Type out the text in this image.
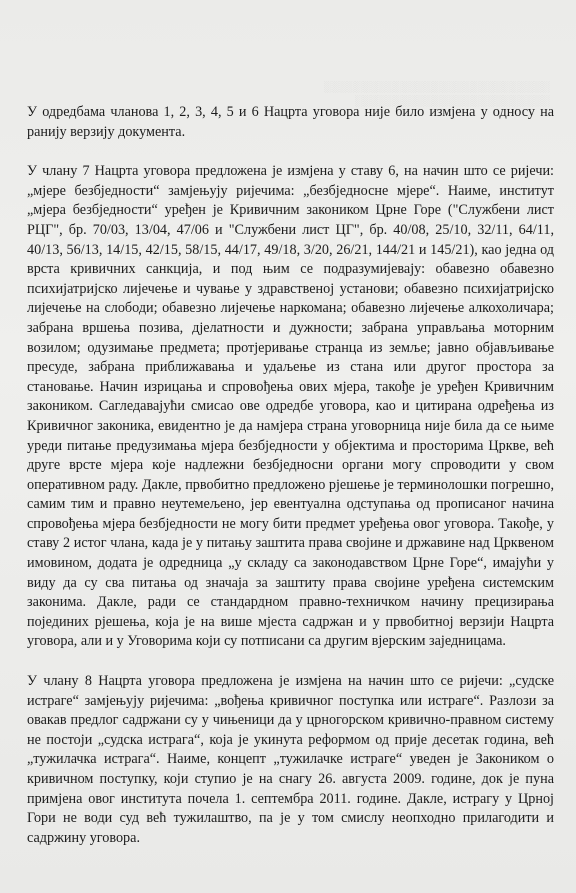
░░░░░░░░░░░░░░░░░░░░░░░░░░░░░
░░░░░░░░░░░░░░░░░░░░░░░░░

У одредбама чланова 1, 2, 3, 4, 5 и 6 Нацрта уговора није било измјена у односу на ранију верзију документа.

У члану 7 Нацрта уговора предложена је измјена у ставу 6, на начин што се ријечи: „мјере безбједности“ замјењују ријечима: „безбједносне мјере“. Наиме, институт „мјера безбједности“ уређен је Кривичним закоником Црне Горе ("Службени лист РЦГ", бр. 70/03, 13/04, 47/06 и "Службени лист ЦГ", бр. 40/08, 25/10, 32/11, 64/11, 40/13, 56/13, 14/15, 42/15, 58/15, 44/17, 49/18, 3/20, 26/21, 144/21 и 145/21), као једна од врста кривичних санкција, и под њим се подразумијевају: обавезно обавезно психијатријско лијечење и чување у здравственој установи; обавезно психијатријско лијечење на слободи; обавезно лијечење наркомана; обавезно лијечење алкохоличара; забрана вршења позива, дјелатности и дужности; забрана управљања моторним возилом; одузимање предмета; протјеривање странца из земље; јавно објављивање пресуде, забрана приближавања и удаљење из стана или другог простора за становање. Начин изрицања и спровођења ових мјера, такође је уређен Кривичним закоником. Сагледавајући смисао ове одредбе уговора, као и цитирана одређења из Кривичног законика, евидентно је да намјера страна уговорница није била да се њиме уреди питање предузимања мјера безбједности у објектима и просторима Цркве, већ друге врсте мјера које надлежни безбједносни органи могу спроводити у свом оперативном раду. Дакле, првобитно предложено рјешење је терминолошки погрешно, самим тим и правно неутемељено, јер евентуална одступања од прописаног начина спровођења мјера безбједности не могу бити предмет уређења овог уговора. Такође, у ставу 2 истог члана, када је у питању заштита права својине и државине над Црквеном имовином, додата је одредница „у складу са законодавством Црне Горе“, имајући у виду да су сва питања од значаја за заштиту права својине уређена системским законима. Дакле, ради се стандардном правно-техничком начину прецизирања појединих рјешења, која је на више мјеста садржан и у првобитној верзији Нацрта уговора, али и у Уговорима који су потписани са другим вјерским заједницама.

У члану 8 Нацрта уговора предложена је измјена на начин што се ријечи: „судске истраге“ замјењују ријечима: „вођења кривичног поступка или истраге“. Разлози за овакав предлог садржани су у чињеници да у црногорском кривично-правном систему не постоји „судска истрага“, која је укинута реформом од прије десетак година, већ „тужилачка истрага“. Наиме, концепт „тужилачке истраге“ уведен је Закоником о кривичном поступку, који ступио је на снагу 26. августа 2009. године, док је пуна примјена овог института почела 1. септембра 2011. године. Дакле, истрагу у Црној Гори не води суд већ тужилаштво, па је у том смислу неопходно прилагодити и садржину уговора.
